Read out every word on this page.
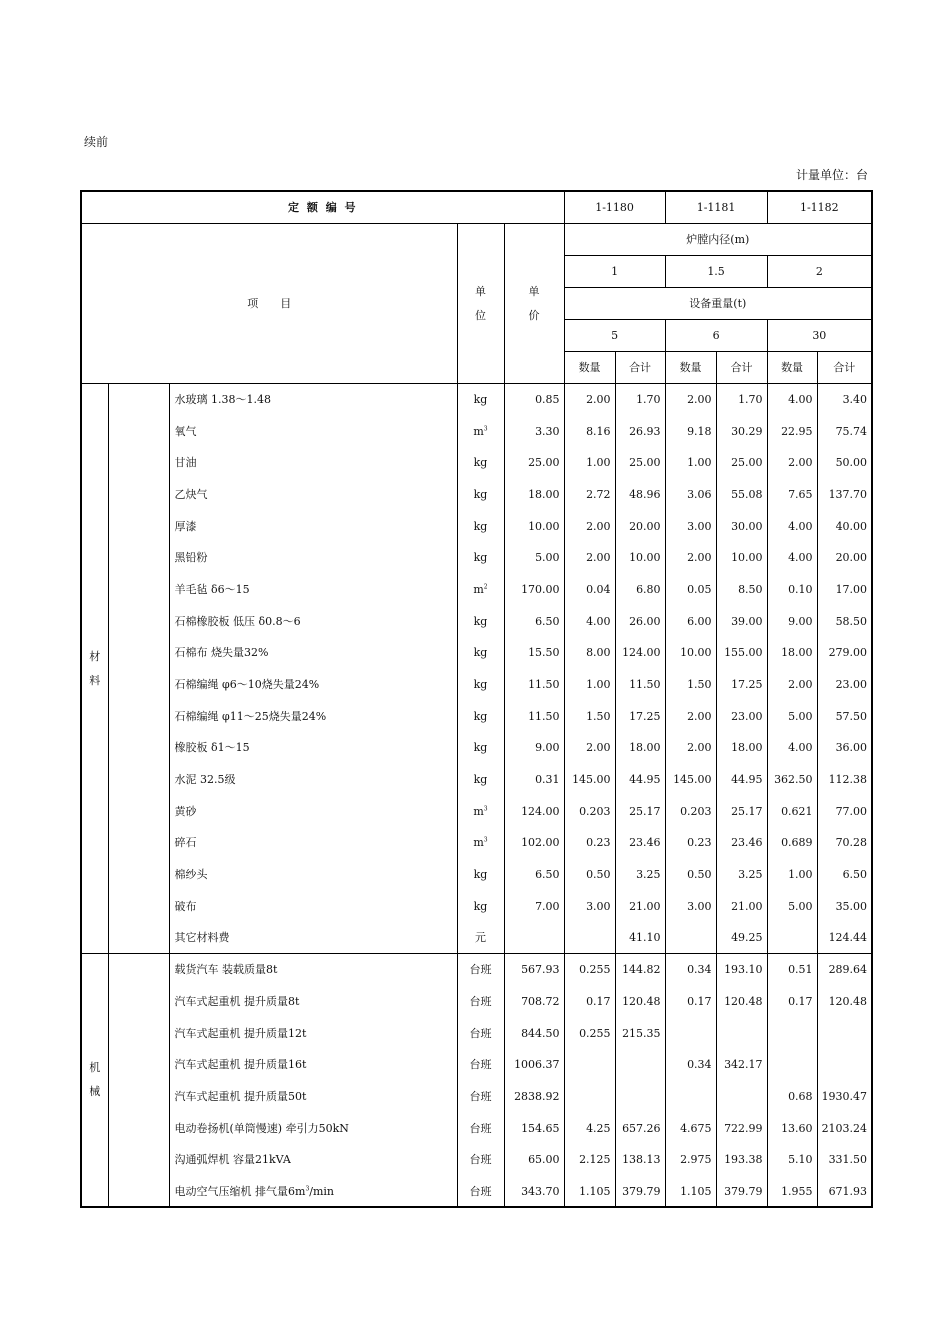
续前
计量单位：台
定 额 编 号					1-1180		1-1181		1-1182	
项　　目			单位	单价	炉膛内径(m)					
					1		1.5		2	
					设备重量(t)					
					5		6		30	
					数量	合计	数量	合计	数量	合计
材料		水玻璃 1.38～1.48	kg	0.85	2.00	1.70	2.00	1.70	4.00	3.40
		氧气	$m^3$	3.30	8.16	26.93	9.18	30.29	22.95	75.74
		甘油	kg	25.00	1.00	25.00	1.00	25.00	2.00	50.00
		乙炔气	kg	18.00	2.72	48.96	3.06	55.08	7.65	137.70
		厚漆	kg	10.00	2.00	20.00	3.00	30.00	4.00	40.00
		黑铅粉	kg	5.00	2.00	10.00	2.00	10.00	4.00	20.00
		羊毛毡 δ6～15	$m^2$	170.00	0.04	6.80	0.05	8.50	0.10	17.00
		石棉橡胶板 低压 δ0.8～6	kg	6.50	4.00	26.00	6.00	39.00	9.00	58.50
		石棉布 烧失量32%	kg	15.50	8.00	124.00	10.00	155.00	18.00	279.00
		石棉编绳 φ6～10烧失量24%	kg	11.50	1.00	11.50	1.50	17.25	2.00	23.00
		石棉编绳 φ11～25烧失量24%	kg	11.50	1.50	17.25	2.00	23.00	5.00	57.50
		橡胶板 δ1～15	kg	9.00	2.00	18.00	2.00	18.00	4.00	36.00
		水泥 32.5级	kg	0.31	145.00	44.95	145.00	44.95	362.50	112.38
		黄砂	$m^3$	124.00	0.203	25.17	0.203	25.17	0.621	77.00
		碎石	$m^3$	102.00	0.23	23.46	0.23	23.46	0.689	70.28
		棉纱头	kg	6.50	0.50	3.25	0.50	3.25	1.00	6.50
		破布	kg	7.00	3.00	21.00	3.00	21.00	5.00	35.00
		其它材料费	元			41.10		49.25		124.44
机械		载货汽车 装载质量8t	台班	567.93	0.255	144.82	0.34	193.10	0.51	289.64
		汽车式起重机 提升质量8t	台班	708.72	0.17	120.48	0.17	120.48	0.17	120.48
		汽车式起重机 提升质量12t	台班	844.50	0.255	215.35				
		汽车式起重机 提升质量16t	台班	1006.37			0.34	342.17		
		汽车式起重机 提升质量50t	台班	2838.92					0.68	1930.47
		电动卷扬机(单筒慢速) 牵引力50kN	台班	154.65	4.25	657.26	4.675	722.99	13.60	2103.24
		沟通弧焊机 容量21kVA	台班	65.00	2.125	138.13	2.975	193.38	5.10	331.50
		电动空气压缩机 排气量$6m^3/\min$	台班	343.70	1.105	379.79	1.105	379.79	1.955	671.93
